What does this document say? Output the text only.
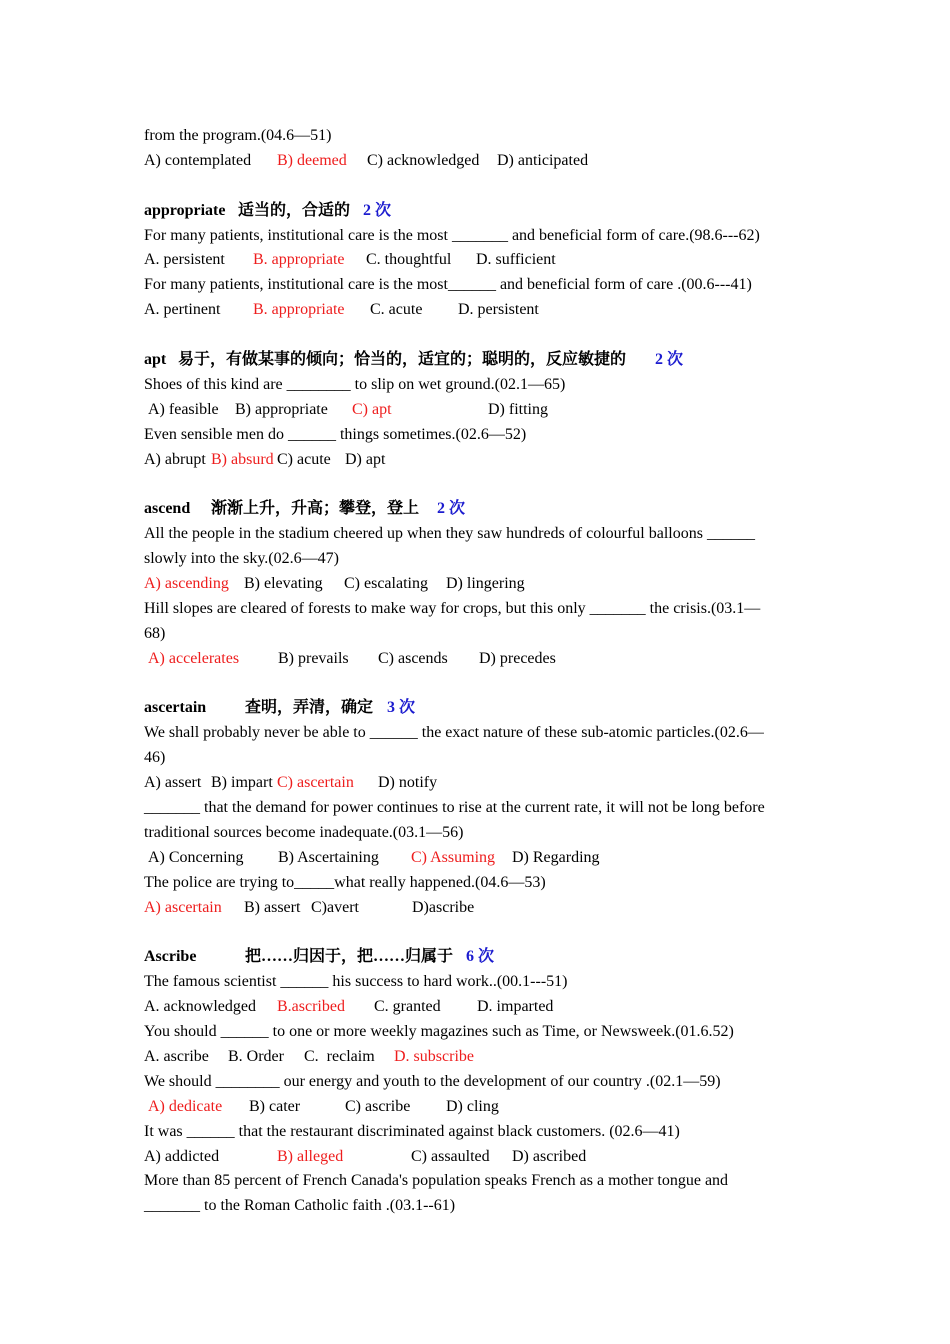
from the program.(04.6—51)

A) contemplated

B) deemed

C) acknowledged

D) anticipated

appropriate

适当的，合适的

2 次

For many patients, institutional care is the most _______ and beneficial form of care.(98.6---62)

A. persistent

B. appropriate

C. thoughtful

D. sufficient

For many patients, institutional care is the most______ and beneficial form of care .(00.6---41)

A. pertinent

B. appropriate

C. acute

D. persistent

apt

易于，有做某事的倾向；恰当的，适宜的；聪明的，反应敏捷的

2 次

Shoes of this kind are ________ to slip on wet ground.(02.1—65)

A) feasible

B) appropriate

C) apt

	D) fitting

Even sensible men do ______ things sometimes.(02.6—52)

A) abrupt

B) absurd

C) acute

D) apt

ascend

渐渐上升，升高；攀登，登上

2 次

All the people in the stadium cheered up when they saw hundreds of colourful balloons ______
slowly into the sky.(02.6—47)

A) ascending

B) elevating

C) escalating

D) lingering

Hill slopes are cleared of forests to make way for crops, but this only _______ the crisis.(03.1—
68)

A) accelerates

B) prevails

C) ascends

D) precedes

ascertain

查明，弄清，确定

3 次

We shall probably never be able to ______ the exact nature of these sub-atomic particles.(02.6—
46)

A) assert

B) impart

C) ascertain

D) notify

_______ that the demand for power continues to rise at the current rate, it will not be long before
traditional sources become inadequate.(03.1—56)

A) Concerning

B) Ascertaining

C) Assuming

D) Regarding

The police are trying to_____what really happened.(04.6—53)

A) ascertain

B) assert

C)avert

	D)ascribe

Ascribe

	把……归因于，把……归属于

6 次

The famous scientist ______ his success to hard work..(00.1---51)

A. acknowledged

B.ascribed

C. granted

D. imparted

You should ______ to one or more weekly magazines such as Time, or Newsweek.(01.6.52)

A. ascribe

B. Order

C.  reclaim

D. subscribe

We should ________ our energy and youth to the development of our country .(02.1—59)

A) dedicate

B) cater

	C) ascribe

D) cling

It was ______ that the restaurant discriminated against black customers. (02.6—41)

A) addicted

	B) alleged

	C) assaulted

D) ascribed

More than 85 percent of French Canada's population speaks French as a mother tongue and
_______ to the Roman Catholic faith .(03.1--61)
